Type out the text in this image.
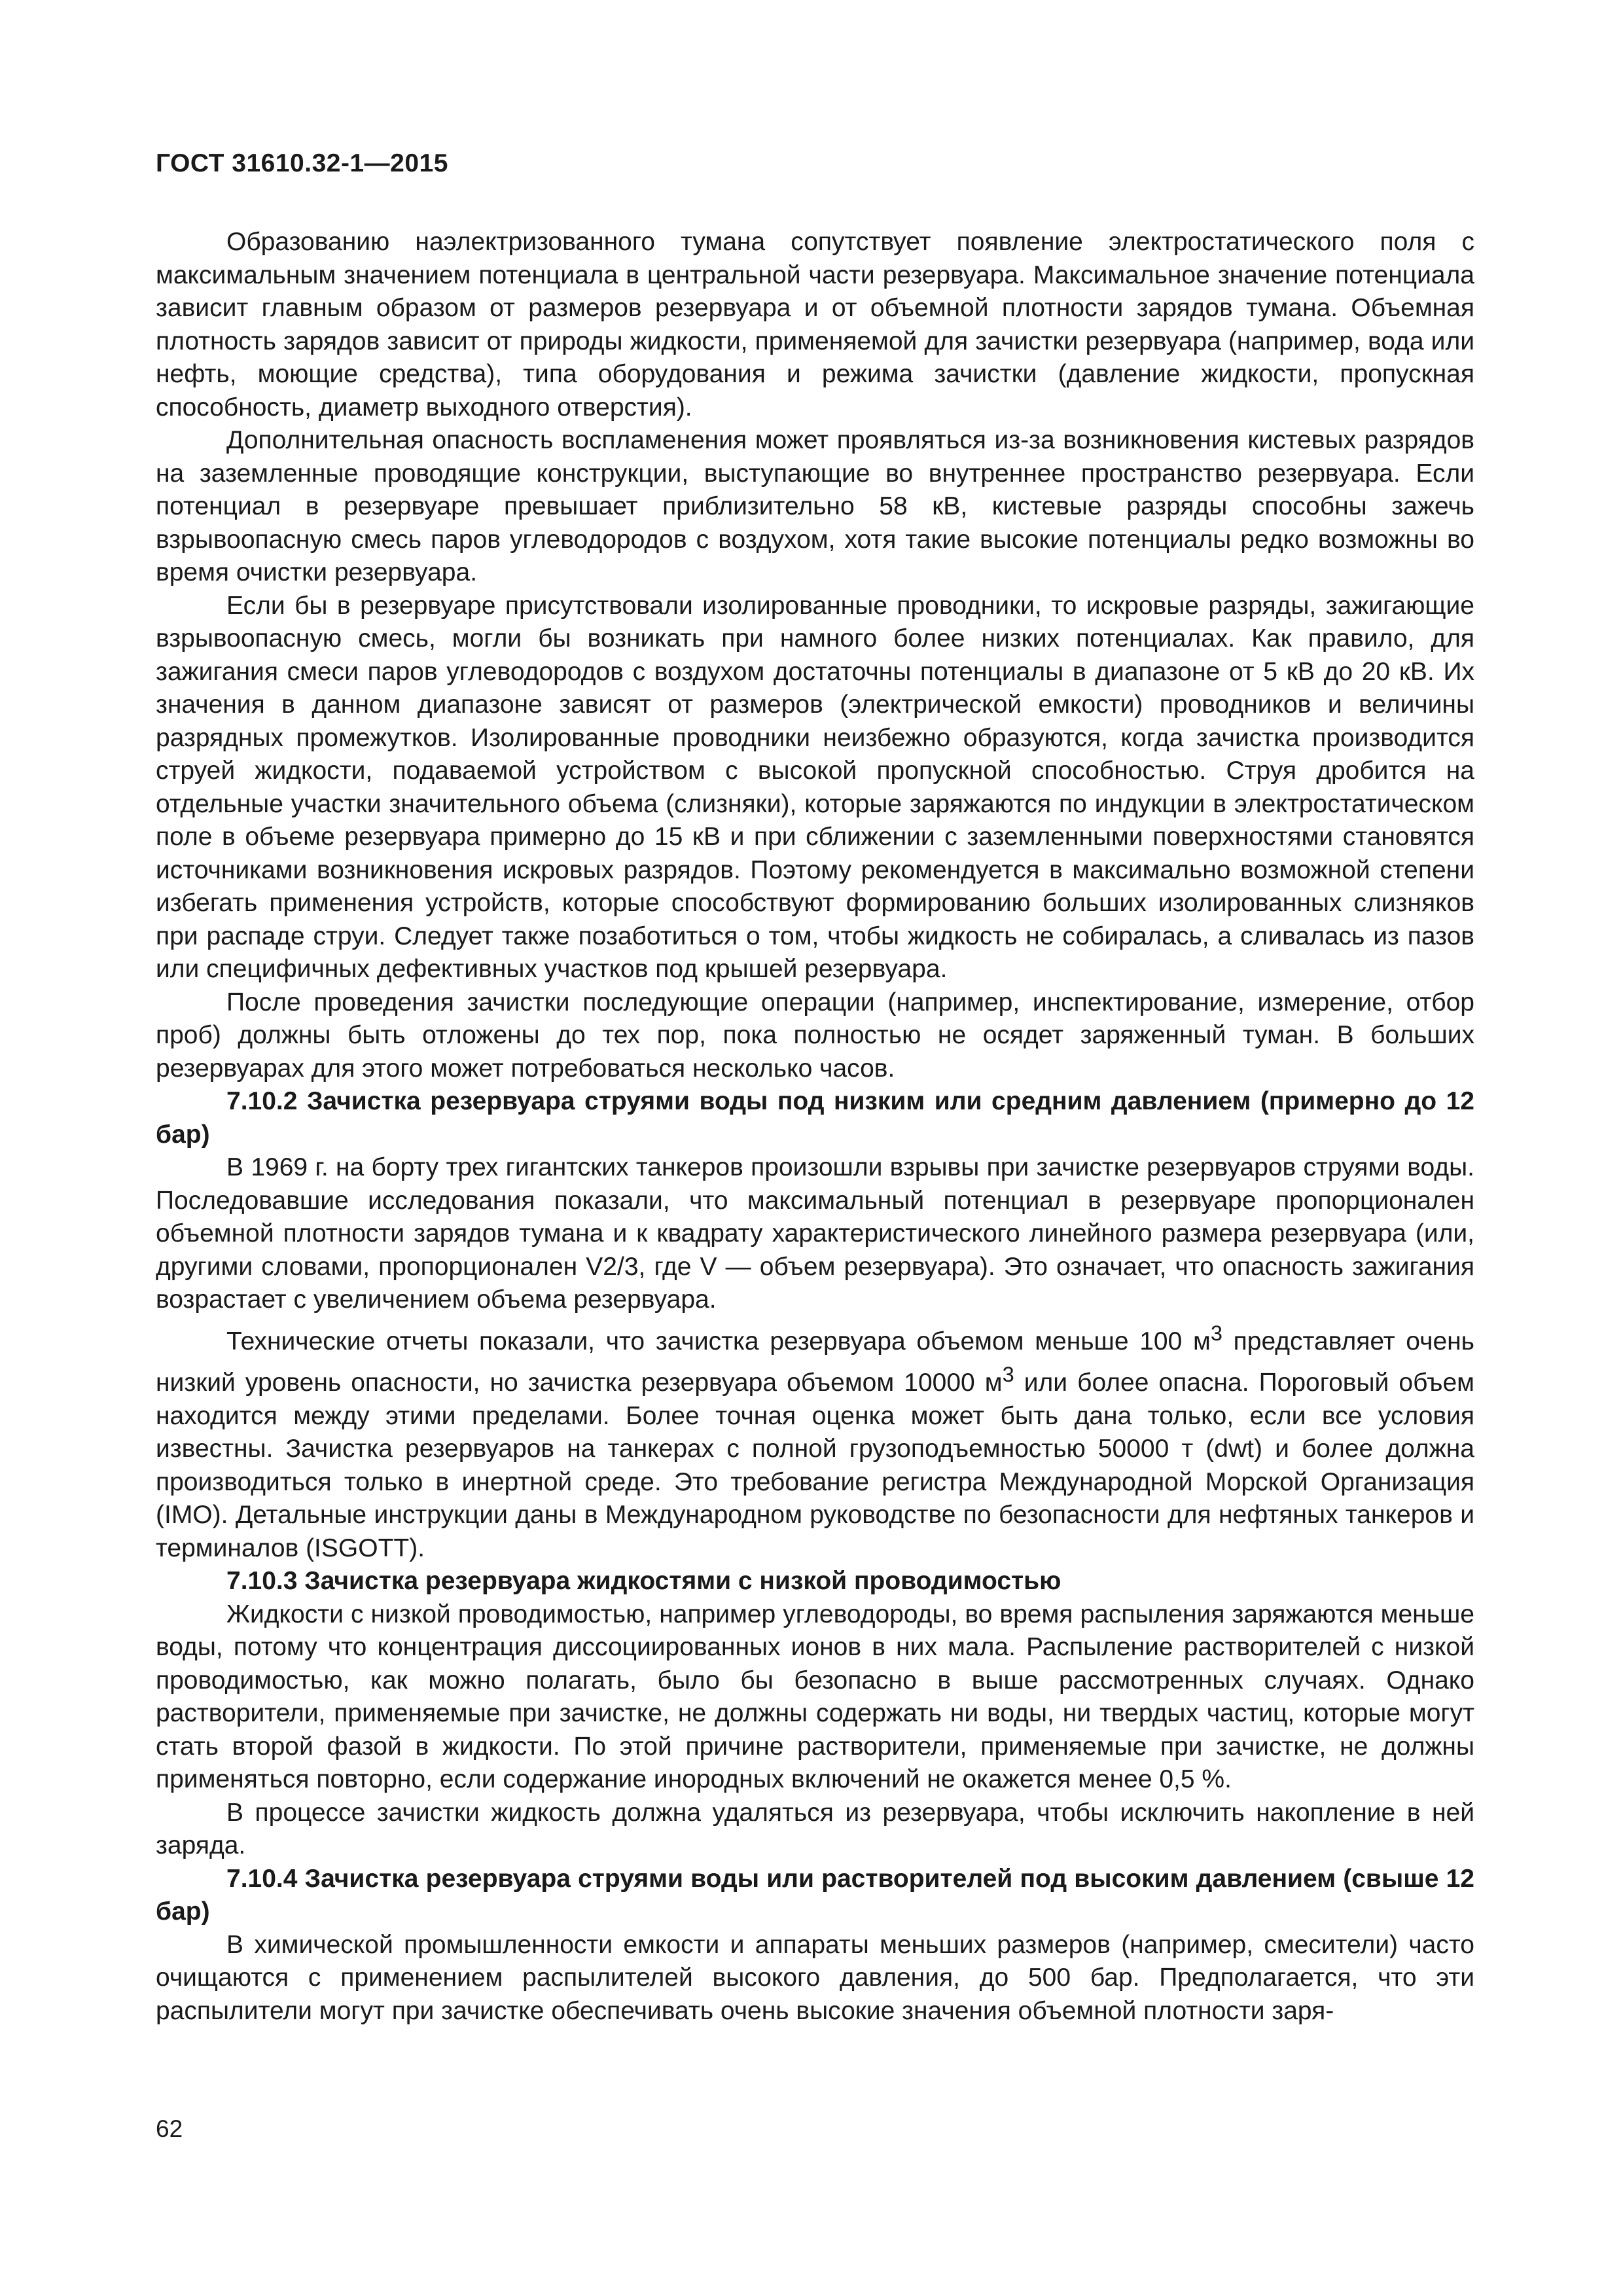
ГОСТ 31610.32-1—2015

Образованию наэлектризованного тумана сопутствует появление электростатического поля с максимальным значением потенциала в центральной части резервуара. Максимальное значение потенциала зависит главным образом от размеров резервуара и от объемной плотности зарядов тумана. Объемная плотность зарядов зависит от природы жидкости, применяемой для зачистки резервуара (например, вода или нефть, моющие средства), типа оборудования и режима зачистки (давление жидкости, пропускная способность, диаметр выходного отверстия).

Дополнительная опасность воспламенения может проявляться из-за возникновения кистевых разрядов на заземленные проводящие конструкции, выступающие во внутреннее пространство резервуара. Если потенциал в резервуаре превышает приблизительно 58 кВ, кистевые разряды способны зажечь взрывоопасную смесь паров углеводородов с воздухом, хотя такие высокие потенциалы редко возможны во время очистки резервуара.

Если бы в резервуаре присутствовали изолированные проводники, то искровые разряды, зажигающие взрывоопасную смесь, могли бы возникать при намного более низких потенциалах. Как правило, для зажигания смеси паров углеводородов с воздухом достаточны потенциалы в диапазоне от 5 кВ до 20 кВ. Их значения в данном диапазоне зависят от размеров (электрической емкости) проводников и величины разрядных промежутков. Изолированные проводники неизбежно образуются, когда зачистка производится струей жидкости, подаваемой устройством с высокой пропускной способностью. Струя дробится на отдельные участки значительного объема (слизняки), которые заряжаются по индукции в электростатическом поле в объеме резервуара примерно до 15 кВ и при сближении с заземленными поверхностями становятся источниками возникновения искровых разрядов. Поэтому рекомендуется в максимально возможной степени избегать применения устройств, которые способствуют формированию больших изолированных слизняков при распаде струи. Следует также позаботиться о том, чтобы жидкость не собиралась, а сливалась из пазов или специфичных дефективных участков под крышей резервуара.

После проведения зачистки последующие операции (например, инспектирование, измерение, отбор проб) должны быть отложены до тех пор, пока полностью не осядет заряженный туман. В больших резервуарах для этого может потребоваться несколько часов.

7.10.2 Зачистка резервуара струями воды под низким или средним давлением (примерно до 12 бар)

В 1969 г. на борту трех гигантских танкеров произошли взрывы при зачистке резервуаров струями воды. Последовавшие исследования показали, что максимальный потенциал в резервуаре пропорционален объемной плотности зарядов тумана и к квадрату характеристического линейного размера резервуара (или, другими словами, пропорционален V2/3, где V — объем резервуара). Это означает, что опасность зажигания возрастает с увеличением объема резервуара.

Технические отчеты показали, что зачистка резервуара объемом меньше 100 $м^3$ представляет очень низкий уровень опасности, но зачистка резервуара объемом 10000 $м^3$ или более опасна. Пороговый объем находится между этими пределами. Более точная оценка может быть дана только, если все условия известны. Зачистка резервуаров на танкерах с полной грузоподъемностью 50000 т (dwt) и более должна производиться только в инертной среде. Это требование регистра Международной Морской Организация (IMO). Детальные инструкции даны в Международном руководстве по безопасности для нефтяных танкеров и терминалов (ISGOTT).

7.10.3 Зачистка резервуара жидкостями с низкой проводимостью

Жидкости с низкой проводимостью, например углеводороды, во время распыления заряжаются меньше воды, потому что концентрация диссоциированных ионов в них мала. Распыление растворителей с низкой проводимостью, как можно полагать, было бы безопасно в выше рассмотренных случаях. Однако растворители, применяемые при зачистке, не должны содержать ни воды, ни твердых частиц, которые могут стать второй фазой в жидкости. По этой причине растворители, применяемые при зачистке, не должны применяться повторно, если содержание инородных включений не окажется менее 0,5 %.

В процессе зачистки жидкость должна удаляться из резервуара, чтобы исключить накопление в ней заряда.

7.10.4 Зачистка резервуара струями воды или растворителей под высоким давлением (свыше 12 бар)

В химической промышленности емкости и аппараты меньших размеров (например, смесители) часто очищаются с применением распылителей высокого давления, до 500 бар. Предполагается, что эти распылители могут при зачистке обеспечивать очень высокие значения объемной плотности заря-

62
